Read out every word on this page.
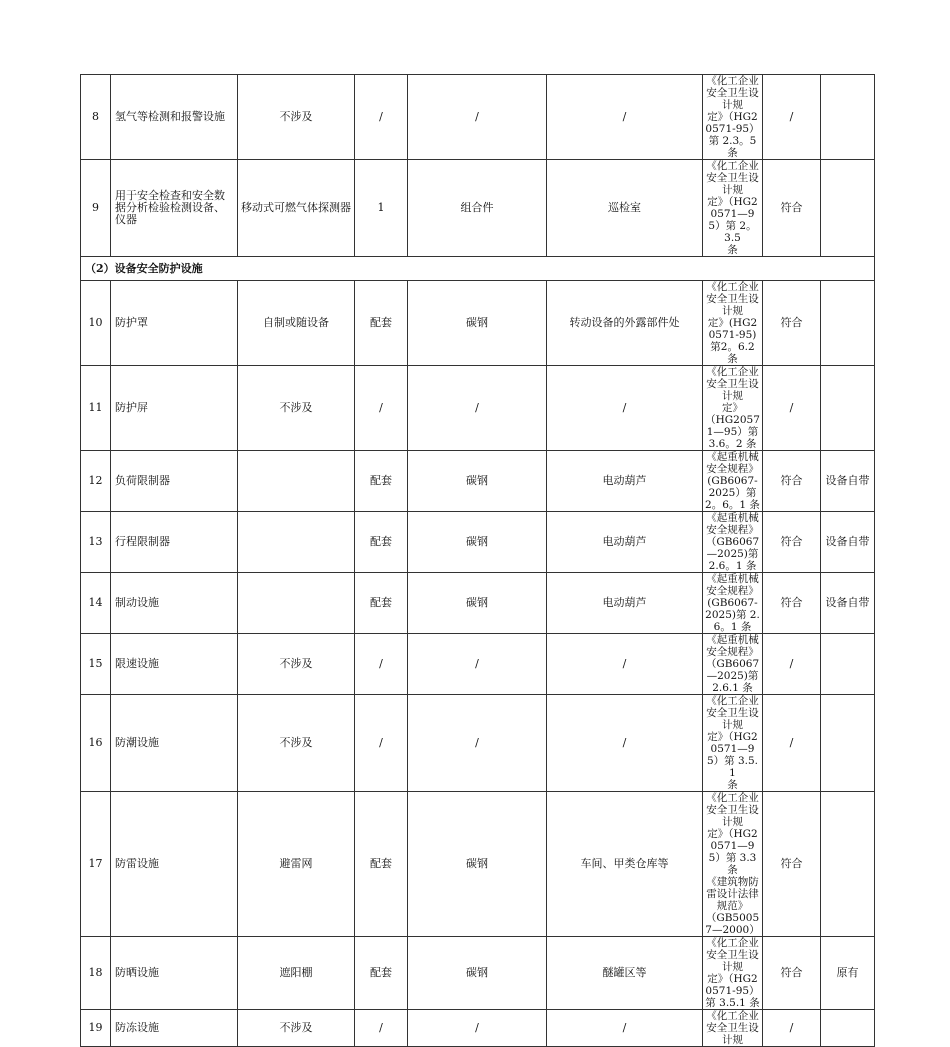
8	氢气等检测和报警设施	不涉及	/	/	/	《化工企业安全卫生设计规
定》（HG20571-95）第 2.3。5
条	/	
9	用于安全检查和安全数据分析检验检测设备、仪器	移动式可燃气体探测器	1	组合件	巡检室	《化工企业安全卫生设计规
定》（HG20571—95）第 2。3.5
条	符合	
（2）设备安全防护设施								
10	防护罩	自制或随设备	配套	碳钢	转动设备的外露部件处	《化工企业安全卫生设计规
定》(HG20571-95)第2。6.2 条	符合	
11	防护屏	不涉及	/	/	/	《化工企业安全卫生设计规
定》
（HG20571—95）第 3.6。2 条	/	
12	负荷限制器		配套	碳钢	电动葫芦	《起重机械安全规程》
(GB6067-2025）第 2。6。1 条	符合	设备自带
13	行程限制器		配套	碳钢	电动葫芦	《起重机械安全规程》
（GB6067—2025)第 2.6。1 条	符合	设备自带
14	制动设施		配套	碳钢	电动葫芦	《起重机械安全规程》
(GB6067-2025)第 2.6。1 条	符合	设备自带
15	限速设施	不涉及	/	/	/	《起重机械安全规程》
（GB6067—2025)第 2.6.1 条	/	
16	防潮设施	不涉及	/	/	/	《化工企业安全卫生设计规
定》（HG20571—95）第 3.5.1
条	/	
17	防雷设施	避雷网	配套	碳钢	车间、甲类仓库等	《化工企业安全卫生设计规
定》（HG20571—95）第 3.3 条
《建筑物防雷设计法律规范》
（GB50057—2000）	符合	
18	防晒设施	遮阳棚	配套	碳钢	醚罐区等	《化工企业安全卫生设计规
定》（HG20571-95）第 3.5.1 条	符合	原有
19	防冻设施	不涉及	/	/	/	《化工企业安全卫生设计规	/	
